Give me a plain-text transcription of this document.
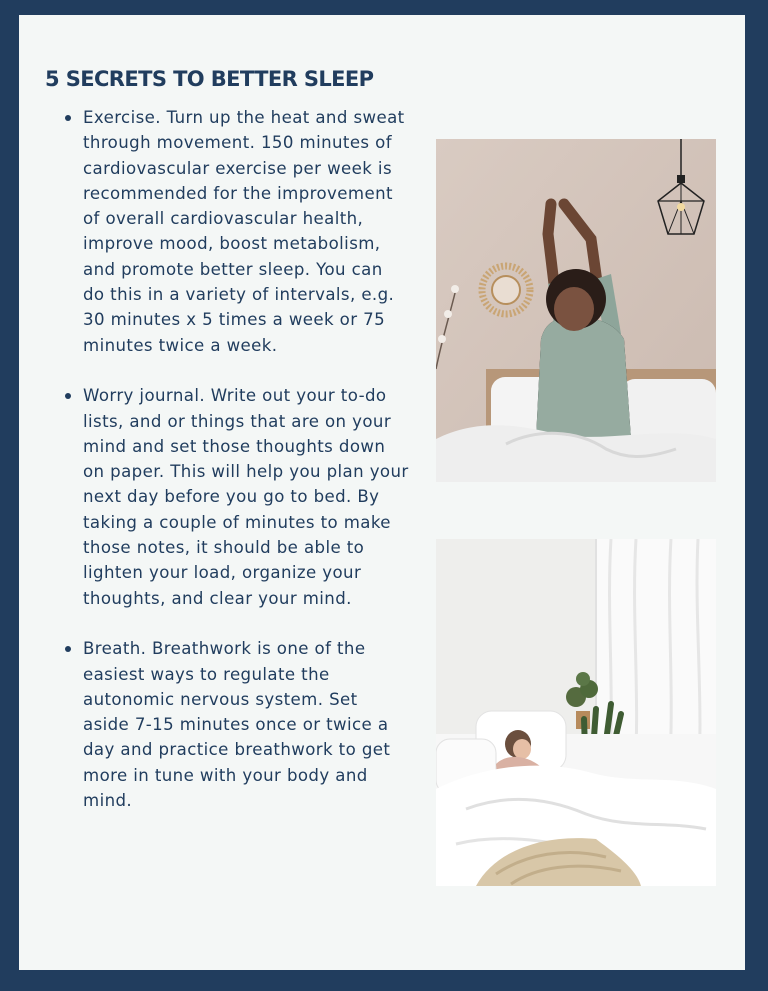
5 SECRETS TO BETTER SLEEP
Exercise. Turn up the heat and sweat through movement. 150 minutes of cardiovascular exercise per week is recommended for the improvement of overall cardiovascular health, improve mood, boost metabolism, and promote better sleep. You can do this in a variety of intervals, e.g. 30 minutes x 5 times a week or 75 minutes twice a week.
Worry journal. Write out your to-do lists, and or things that are on your mind and set those thoughts down on paper. This will help you plan your next day before you go to bed. By taking a couple of minutes to make those notes, it should be able to lighten your load, organize your thoughts, and clear your mind.
Breath. Breathwork is one of the easiest ways to regulate the autonomic nervous system. Set aside 7-15 minutes once or twice a day and practice breathwork to get more in tune with your body and mind.
